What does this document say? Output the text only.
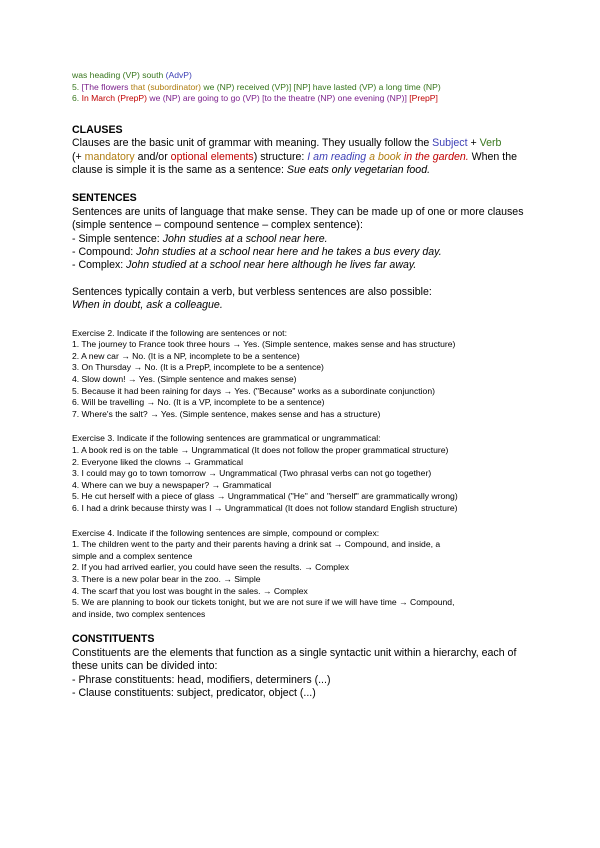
was heading (VP) south (AdvP)
5. [The flowers that (subordinator) we (NP) received (VP)] [NP] have lasted (VP) a long time (NP)
6. In March (PrepP) we (NP) are going to go (VP) [to the theatre (NP) one evening (NP)] [PrepP]
CLAUSES
Clauses are the basic unit of grammar with meaning. They usually follow the Subject + Verb
(+ mandatory and/or optional elements) structure: I am reading a book in the garden. When the clause is simple it is the same as a sentence: Sue eats only vegetarian food.
SENTENCES
Sentences are units of language that make sense. They can be made up of one or more clauses (simple sentence – compound sentence – complex sentence):
- Simple sentence: John studies at a school near here.
- Compound: John studies at a school near here and he takes a bus every day.
- Complex: John studied at a school near here although he lives far away.
Sentences typically contain a verb, but verbless sentences are also possible:
When in doubt, ask a colleague.
Exercise 2. Indicate if the following are sentences or not:
1. The journey to France took three hours → Yes. (Simple sentence, makes sense and has structure)
2. A new car → No. (It is a NP, incomplete to be a sentence)
3. On Thursday → No. (It is a PrepP, incomplete to be a sentence)
4. Slow down! → Yes. (Simple sentence and makes sense)
5. Because it had been raining for days → Yes. ("Because" works as a subordinate conjunction)
6. Will be travelling → No. (It is a VP, incomplete to be a sentence)
7. Where's the salt? → Yes. (Simple sentence, makes sense and has a structure)
Exercise 3. Indicate if the following sentences are grammatical or ungrammatical:
1. A book red is on the table → Ungrammatical (It does not follow the proper grammatical structure)
2. Everyone liked the clowns → Grammatical
3. I could may go to town tomorrow → Ungrammatical (Two phrasal verbs can not go together)
4. Where can we buy a newspaper? → Grammatical
5. He cut herself with a piece of glass → Ungrammatical ("He" and "herself" are grammatically wrong)
6. I had a drink because thirsty was I → Ungrammatical (It does not follow standard English structure)
Exercise 4. Indicate if the following sentences are simple, compound or complex:
1. The children went to the party and their parents having a drink sat → Compound, and inside, a
simple and a complex sentence
2. If you had arrived earlier, you could have seen the results. → Complex
3. There is a new polar bear in the zoo. → Simple
4. The scarf that you lost was bought in the sales. → Complex
5. We are planning to book our tickets tonight, but we are not sure if we will have time → Compound,
and inside, two complex sentences
CONSTITUENTS
Constituents are the elements that function as a single syntactic unit within a hierarchy, each of these units can be divided into:
- Phrase constituents: head, modifiers, determiners (...)
- Clause constituents: subject, predicator, object (...)
